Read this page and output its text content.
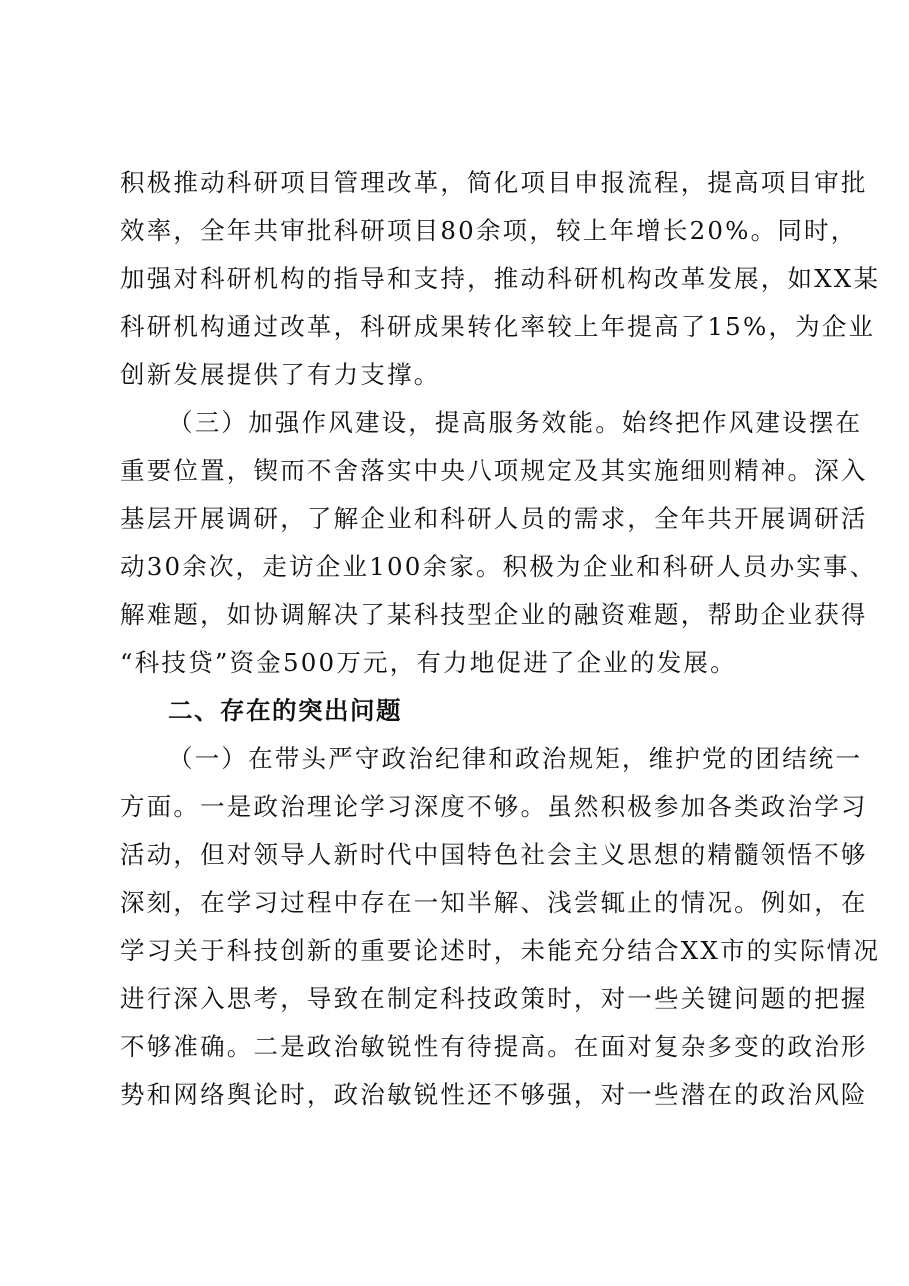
积极推动科研项目管理改革，简化项目申报流程，提高项目审批
效率，全年共审批科研项目80余项，较上年增长20%。同时，
加强对科研机构的指导和支持，推动科研机构改革发展，如XX某
科研机构通过改革，科研成果转化率较上年提高了15%，为企业
创新发展提供了有力支撑。
（三）加强作风建设，提高服务效能。始终把作风建设摆在
重要位置，锲而不舍落实中央八项规定及其实施细则精神。深入
基层开展调研，了解企业和科研人员的需求，全年共开展调研活
动30余次，走访企业100余家。积极为企业和科研人员办实事、
解难题，如协调解决了某科技型企业的融资难题，帮助企业获得
“科技贷”资金500万元，有力地促进了企业的发展。
二、存在的突出问题
（一）在带头严守政治纪律和政治规矩，维护党的团结统一
方面。一是政治理论学习深度不够。虽然积极参加各类政治学习
活动，但对领导人新时代中国特色社会主义思想的精髓领悟不够
深刻，在学习过程中存在一知半解、浅尝辄止的情况。例如，在
学习关于科技创新的重要论述时，未能充分结合XX市的实际情况
进行深入思考，导致在制定科技政策时，对一些关键问题的把握
不够准确。二是政治敏锐性有待提高。在面对复杂多变的政治形
势和网络舆论时，政治敏锐性还不够强，对一些潜在的政治风险
